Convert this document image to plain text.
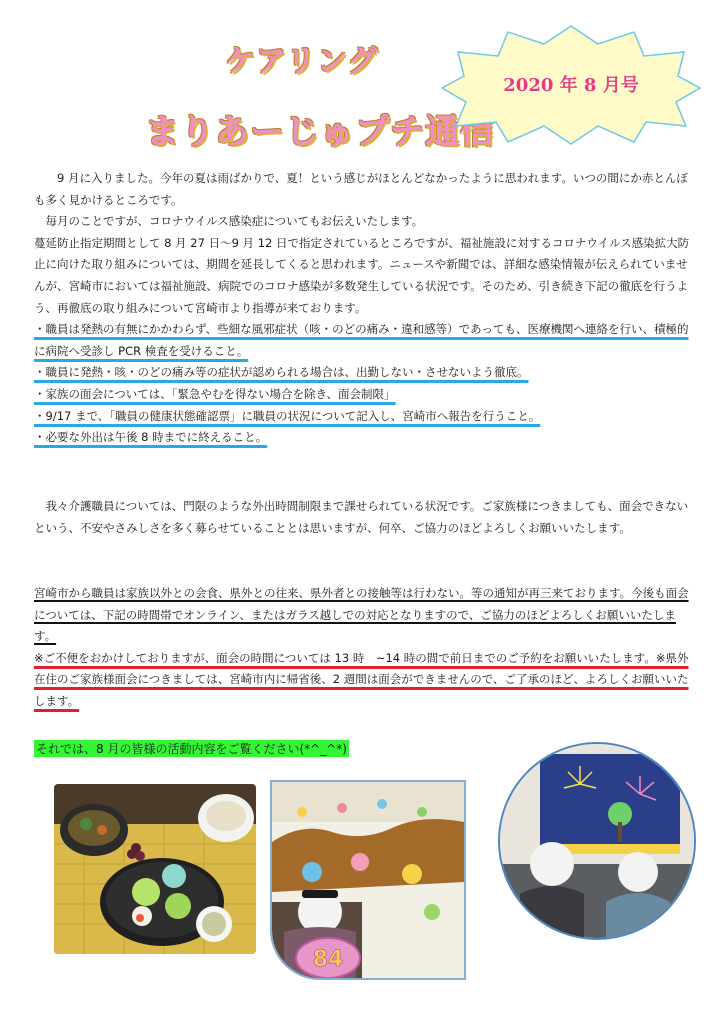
ケアリング
まりあーじゅプチ通信
2020 年 8 月号

9 月に入りました。今年の夏は雨ばかりで、夏！という感じがほとんどなかったように思われます。いつの間にか赤とんぼも多く見かけるところです。

毎月のことですが、コロナウイルス感染症についてもお伝えいたします。

蔓延防止指定期間として 8 月 27 日～9 月 12 日で指定されているところですが、福祉施設に対するコロナウイルス感染拡大防止に向けた取り組みについては、期間を延長してくると思われます。ニュースや新聞では、詳細な感染情報が伝えられていませんが、宮崎市においては福祉施設、病院でのコロナ感染が多数発生している状況です。そのため、引き続き下記の徹底を行うよう、再徹底の取り組みについて宮崎市より指導が来ております。

・職員は発熱の有無にかかわらず、些細な風邪症状（咳・のどの痛み・違和感等）であっても、医療機関へ連絡を行い、積極的に病院へ受診し PCR 検査を受けること。

・職員に発熱・咳・のどの痛み等の症状が認められる場合は、出勤しない・させないよう徹底。

・家族の面会については、「緊急やむを得ない場合を除き、面会制限」

・9/17 まで、「職員の健康状態確認票」に職員の状況について記入し、宮崎市へ報告を行うこと。

・必要な外出は午後 8 時までに終えること。

我々介護職員については、門限のような外出時間制限まで課せられている状況です。ご家族様につきましても、面会できないという、不安やさみしさを多く募らせていることとは思いますが、何卒、ご協力のほどよろしくお願いいたします。

宮崎市から職員は家族以外との会食、県外との往来、県外者との接触等は行わない。等の通知が再三来ております。今後も面会については、下記の時間帯でオンライン、またはガラス越しでの対応となりますので、ご協力のほどよろしくお願いいたします。

※ご不便をおかけしておりますが、面会の時間については 13 時　~14 時の間で前日までのご予約をお願いいたします。※県外在住のご家族様面会につきましては、宮崎市内に帰省後、2 週間は面会ができませんので、ご了承のほど、よろしくお願いいたします。

それでは、8 月の皆様の活動内容をご覧ください(*^_^*)
84
